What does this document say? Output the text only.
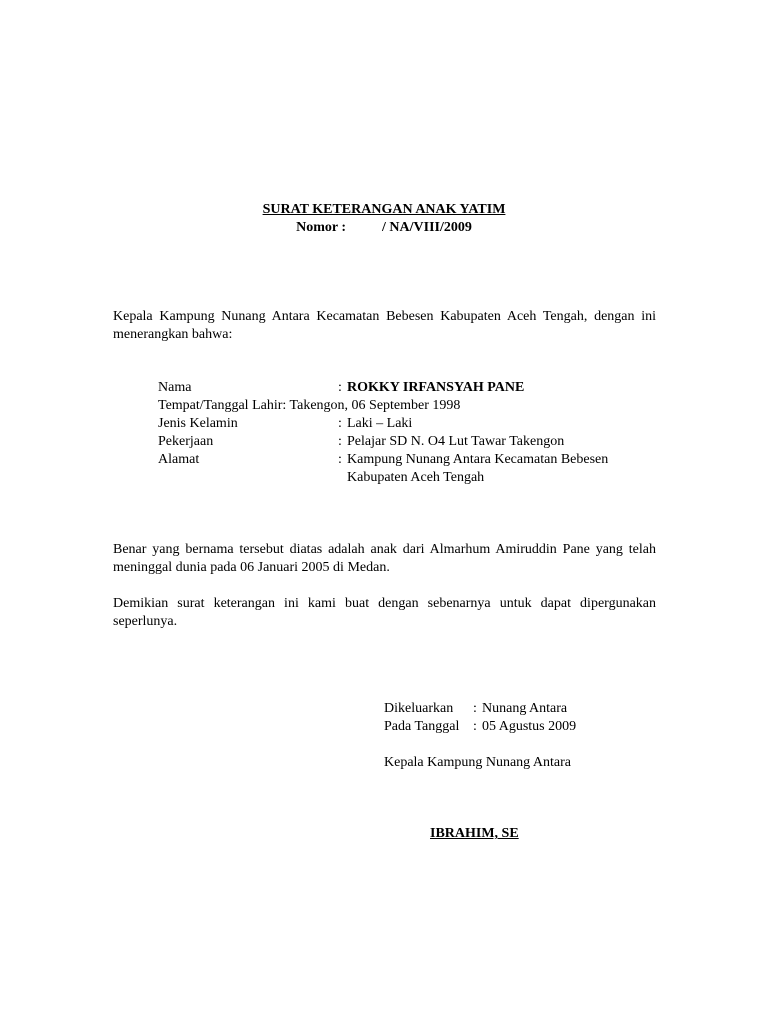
SURAT KETERANGAN ANAK YATIM
Nomor :	/ NA/VIII/2009
Kepala Kampung Nunang Antara Kecamatan Bebesen Kabupaten Aceh Tengah, dengan ini menerangkan bahwa:
Nama	: ROKKY IRFANSYAH PANE
Tempat/Tanggal Lahir: Takengon, 06 September 1998
Jenis Kelamin	: Laki – Laki
Pekerjaan	: Pelajar SD N. O4 Lut Tawar Takengon
Alamat	: Kampung Nunang Antara Kecamatan Bebesen
Kabupaten Aceh Tengah
Benar yang bernama tersebut diatas adalah anak dari Almarhum Amiruddin Pane yang telah meninggal dunia pada 06 Januari 2005 di Medan.
Demikian surat keterangan ini kami buat dengan sebenarnya untuk dapat dipergunakan seperlunya.
Dikeluarkan : Nunang Antara
Pada Tanggal : 05 Agustus 2009
Kepala Kampung Nunang Antara
IBRAHIM, SE
